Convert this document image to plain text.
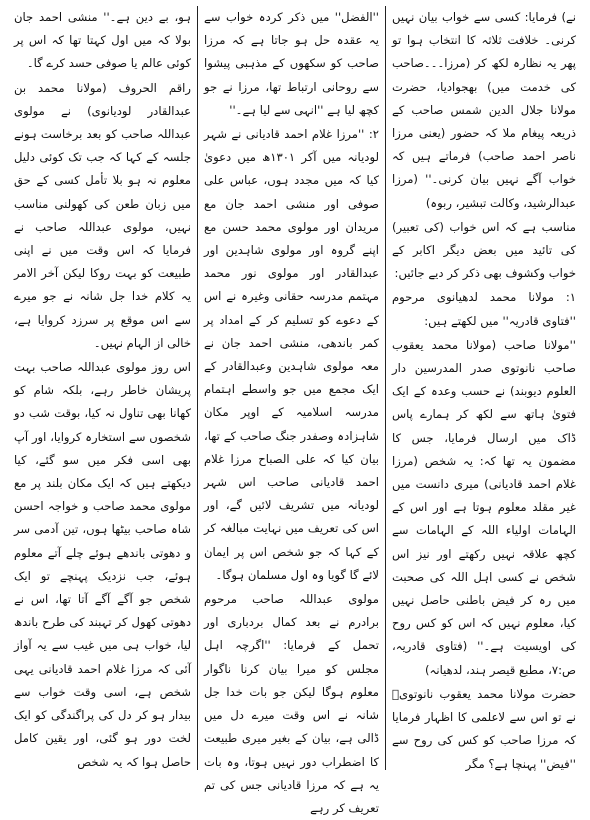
نے) فرمایا: کسی سے خواب بیان نہیں کرنی۔ خلافت ثلاثہ کا انتخاب ہوا تو پھر یہ نظارہ لکھ کر (مرزا۔۔۔صاحب کی خدمت میں) بھجوادیا، حضرت مولانا جلال الدین شمس صاحب کے ذریعہ پیغام ملا کہ حضور (یعنی مرزا ناصر احمد صاحب) فرماتے ہیں کہ خواب آگے نہیں بیان کرنی۔'' (مرزا عبدالرشید، وکالت تبشیر، ربوہ)

مناسب ہے کہ اس خواب (کی تعبیر) کی تائید میں بعض دیگر اکابر کے خواب وکشوف بھی ذکر کر دیے جائیں:

۱: مولانا محمد لدھیانوی مرحوم ''فتاوی قادریہ'' میں لکھتے ہیں:

''مولانا صاحب (مولانا محمد یعقوب صاحب نانوتوی صدر المدرسین دار العلوم دیوبند) نے حسب وعدہ کے ایک فتویٰ ہاتھ سے لکھ کر ہمارے پاس ڈاک میں ارسال فرمایا، جس کا مضمون یہ تھا کہ: یہ شخص (مرزا غلام احمد قادیانی) میری دانست میں غیر مقلد معلوم ہوتا ہے اور اس کے الہامات اولیاء اللہ کے الہامات سے کچھ علاقہ نہیں رکھتے اور نیز اس شخص نے کسی اہل اللہ کی صحبت میں رہ کر فیض باطنی حاصل نہیں کیا، معلوم نہیں کہ اس کو کس روح کی اویسیت ہے۔'' (فتاوی قادریہ، ص:۷، مطبع قیصر ہند، لدھیانہ)

حضرت مولانا محمد یعقوب نانوتویؒ نے تو اس سے لاعلمی کا اظہار فرمایا کہ مرزا صاحب کو کس کی روح سے ''فیض'' پہنچا ہے؟ مگر

''الفضل'' میں ذکر کردہ خواب سے یہ عقدہ حل ہو جاتا ہے کہ مرزا صاحب کو سکھوں کے مذہبی پیشوا سے روحانی ارتباط تھا، مرزا نے جو کچھ لیا ہے ''انہی سے لیا ہے۔''

۲: ''مرزا غلام احمد قادیانی نے شہر لودیانہ میں آکر ۱۳۰۱ھ میں دعویٰ کیا کہ میں مجدد ہوں، عباس علی صوفی اور منشی احمد جان مع مریدان اور مولوی محمد حسن مع اپنے گروہ اور مولوی شاہدین اور عبدالقادر اور مولوی نور محمد مہتمم مدرسہ حقانی وغیرہ نے اس کے دعوے کو تسلیم کر کے امداد پر کمر باندھی، منشی احمد جان نے معہ مولوی شاہدین وعبدالقادر کے ایک مجمع میں جو واسطے اہتمام مدرسہ اسلامیہ کے اوپر مکان شاہزادہ وصفدر جنگ صاحب کے تھا، بیان کیا کہ علی الصباح مرزا غلام احمد قادیانی صاحب اس شہر لودیانہ میں تشریف لائیں گے، اور اس کی تعریف میں نہایت مبالغہ کر کے کہا کہ جو شخص اس پر ایمان لائے گا گویا وہ اول مسلمان ہوگا۔

مولوی عبداللہ صاحب مرحوم برادرم نے بعد کمال بردباری اور تحمل کے فرمایا: ''اگرچہ اہل مجلس کو میرا بیان کرنا ناگوار معلوم ہوگا لیکن جو بات خدا جل شانہ نے اس وقت میرے دل میں ڈالی ہے، بیان کے بغیر میری طبیعت کا اضطراب دور نہیں ہوتا، وہ بات یہ ہے کہ مرزا قادیانی جس کی تم تعریف کر رہے

ہو، بے دین ہے۔'' منشی احمد جان بولا کہ میں اول کہتا تھا کہ اس پر کوئی عالم یا صوفی حسد کرے گا۔

راقم الحروف (مولانا محمد بن عبدالقادر لودیانوی) نے مولوی عبداللہ صاحب کو بعد برخاست ہونے جلسہ کے کہا کہ جب تک کوئی دلیل معلوم نہ ہو بلا تأمل کسی کے حق میں زبان طعن کی کھولنی مناسب نہیں، مولوی عبداللہ صاحب نے فرمایا کہ اس وقت میں نے اپنی طبیعت کو بہت روکا لیکن آخر الامر یہ کلام خدا جل شانہ نے جو میرے سے اس موقع پر سرزد کروایا ہے، خالی از الہام نہیں۔

اس روز مولوی عبداللہ صاحب بہت پریشان خاطر رہے، بلکہ شام کو کھانا بھی تناول نہ کیا، بوقت شب دو شخصوں سے استخارہ کروایا، اور آپ بھی اسی فکر میں سو گئے، کیا دیکھتے ہیں کہ ایک مکان بلند پر مع مولوی محمد صاحب و خواجہ احسن شاہ صاحب بیٹھا ہوں، تین آدمی سر و دھوتی باندھے ہوئے چلے آتے معلوم ہوئے، جب نزدیک پہنچے تو ایک شخص جو آگے آگے آتا تھا، اس نے دھوتی کھول کر تہبند کی طرح باندھ لیا، خواب ہی میں غیب سے یہ آواز آئی کہ مرزا غلام احمد قادیانی یہی شخص ہے، اسی وقت خواب سے بیدار ہو کر دل کی پراگندگی کو ایک لخت دور ہو گئی، اور یقین کامل حاصل ہوا کہ یہ شخص
